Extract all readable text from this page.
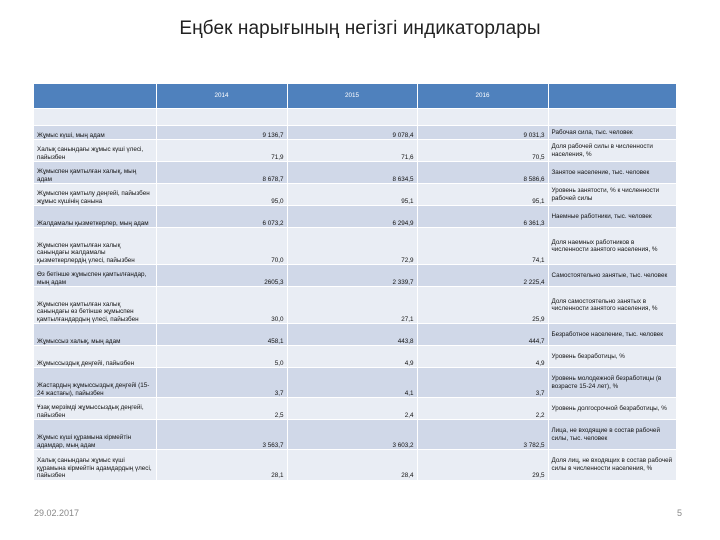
Еңбек нарығының негізгі индикаторлары
	2014	2015	2016	

Жұмыс күші, мың адам	9 136,7	9 078,4	9 031,3	Рабочая сила, тыс. человек
Халық санындағы жұмыс күші үлесі, пайызбен	71,9	71,6	70,5	Доля рабочей силы в численности населения, %
Жұмыспен қамтылған халық, мың адам	8 678,7	8 634,5	8 586,6	Занятое население, тыс. человек
Жұмыспен қамтылу деңгейі, пайызбен жұмыс күшінің санына	95,0	95,1	95,1	Уровень занятости, % к численности рабочей силы
Жалдамалы қызметкерлер, мың адам	6 073,2	6 294,9	6 361,3	Наемные работники, тыс. человек
Жұмыспен қамтылған халық санындағы жалдамалы қызметкерлердің үлесі, пайызбен	70,0	72,9	74,1	Доля наемных работников в численности занятого населения, %
Өз бетінше жұмыспен қамтылғандар, мың адам	2605,3	2 339,7	2 225,4	Самостоятельно занятые, тыс. человек
Жұмыспен қамтылған халық санындағы өз бетінше жұмыспен қамтылғандардың үлесі, пайызбен	30,0	27,1	25,9	Доля самостоятельно занятых в численности занятого населения, %
Жұмыссыз халық, мың адам	458,1	443,8	444,7	Безработное население, тыс. человек
Жұмыссыздық деңгейі, пайызбен	5,0	4,9	4,9	Уровень безработицы, %
Жастардың жұмыссыздық деңгейі (15-24 жастағы), пайызбен	3,7	4,1	3,7	Уровень молодежной безработицы (в возрасте 15-24 лет), %
Ұзақ мерзімді жұмыссыздық деңгейі, пайызбен	2,5	2,4	2,2	Уровень долгосрочной безработицы, %
Жұмыс күші құрамына кірмейтін адамдар, мың адам	3 563,7	3 603,2	3 782,5	Лица, не входящие в состав рабочей силы, тыс. человек
Халық санындағы жұмыс күші құрамына кірмейтін адамдардың үлесі, пайызбен	28,1	28,4	29,5	Доля лиц, не входящих в состав рабочей силы в численности населения, %
29.02.2017	5
